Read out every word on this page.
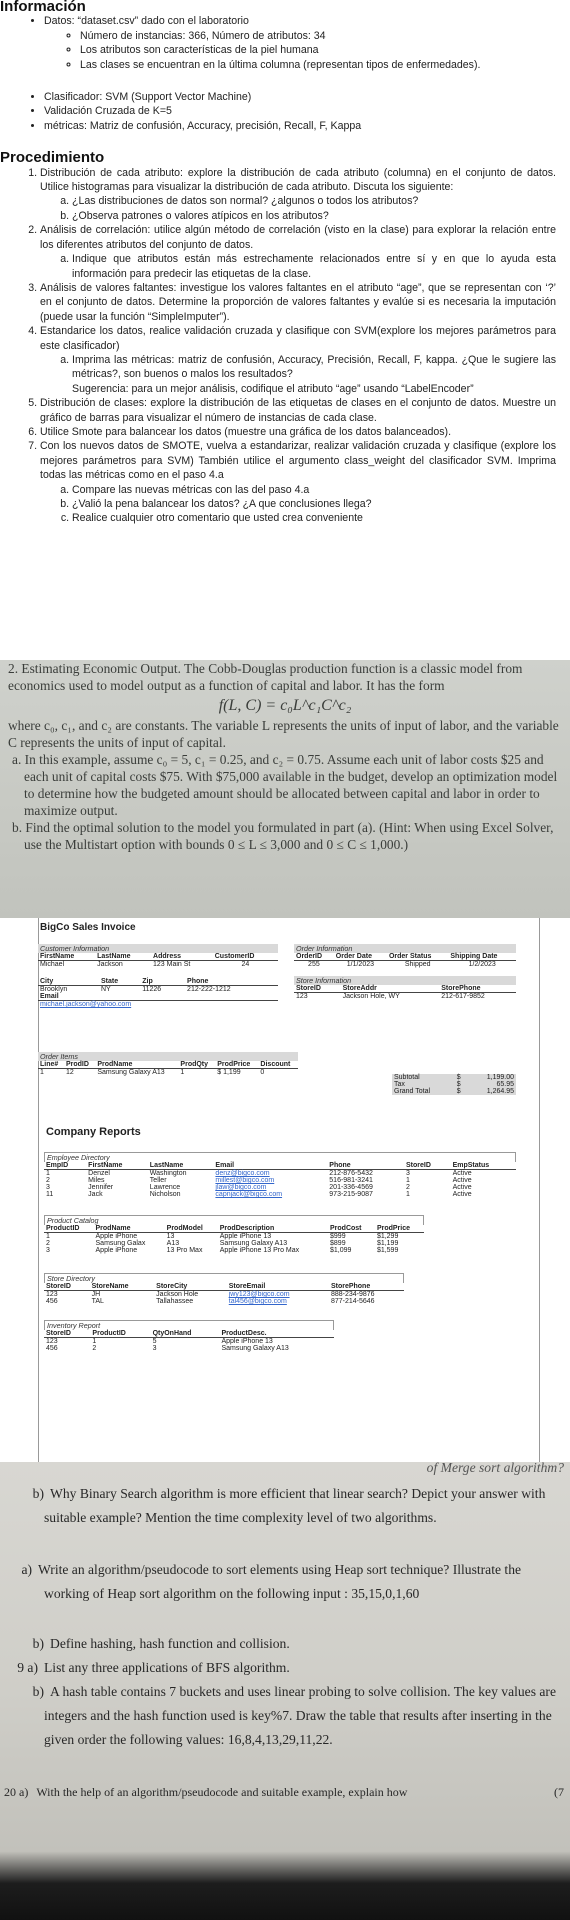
Información
• Datos: “dataset.csv” dado con el laboratorio
◦ Número de instancias: 366, Número de atributos: 34
◦ Los atributos son características de la piel humana
◦ Las clases se encuentran en la última columna (representan tipos de enfermedades).
• Clasificador: SVM (Support Vector Machine)
• Validación Cruzada de K=5
• métricas: Matriz de confusión, Accuracy, precisión, Recall, F, Kappa
Procedimiento
1. Distribución de cada atributo: explore la distribución de cada atributo (columna) en el conjunto de datos. Utilice histogramas para visualizar la distribución de cada atributo. Discuta los siguiente:
a. ¿Las distribuciones de datos son normal? ¿algunos o todos los atributos?
b. ¿Observa patrones o valores atípicos en los atributos?
2. Análisis de correlación: utilice algún método de correlación (visto en la clase) para explorar la relación entre los diferentes atributos del conjunto de datos.
a. Indique que atributos están más estrechamente relacionados entre sí y en que lo ayuda esta información para predecir las etiquetas de la clase.
3. Análisis de valores faltantes: investigue los valores faltantes en el atributo “age”, que se representan con ‘?’ en el conjunto de datos. Determine la proporción de valores faltantes y evalúe si es necesaria la imputación (puede usar la función “SimpleImputer”).
4. Estandarice los datos, realice validación cruzada y clasifique con SVM(explore los mejores parámetros para este clasificador)
a. Imprima las métricas: matriz de confusión, Accuracy, Precisión, Recall, F, kappa. ¿Que le sugiere las métricas?, son buenos o malos los resultados?
Sugerencia: para un mejor análisis, codifique el atributo “age” usando “LabelEncoder”
5. Distribución de clases: explore la distribución de las etiquetas de clases en el conjunto de datos. Muestre un gráfico de barras para visualizar el número de instancias de cada clase.
6. Utilice Smote para balancear los datos (muestre una gráfica de los datos balanceados).
7. Con los nuevos datos de SMOTE, vuelva a estandarizar, realizar validación cruzada y clasifique (explore los mejores parámetros para SVM) También utilice el argumento class_weight del clasificador SVM. Imprima todas las métricas como en el paso 4.a
a. Compare las nuevas métricas con las del paso 4.a
b. ¿Valió la pena balancear los datos? ¿A que conclusiones llega?
c. Realice cualquier otro comentario que usted crea conveniente

2. Estimating Economic Output. The Cobb-Douglas production function is a classic model from economics used to model output as a function of capital and labor. It has the form

f(L, C) = c₀L^c₁C^c₂

where c₀, c₁, and c₂ are constants. The variable L represents the units of input of labor, and the variable C represents the units of input of capital.

a. In this example, assume c₀ = 5, c₁ = 0.25, and c₂ = 0.75. Assume each unit of labor costs $25 and each unit of capital costs $75. With $75,000 available in the budget, develop an optimization model to determine how the budgeted amount should be allocated between capital and labor in order to maximize output.

b. Find the optimal solution to the model you formulated in part (a). (Hint: When using Excel Solver, use the Multistart option with bounds 0 ≤ L ≤ 3,000 and 0 ≤ C ≤ 1,000.)

BigCo Sales Invoice
Customer Information
FirstName	LastName	Address	CustomerID
Michael	Jackson	123 Main St	24
City	State	Zip	Phone
Brooklyn	NY	11226	212-222-1212
Email			
michael.jackson@yahoo.com			
Order Information
OrderID	Order Date	Order Status	Shipping Date
255	1/1/2023	Shipped	1/2/2023
Store Information
StoreID	StoreAddr	StorePhone
123	Jackson Hole, WY	212-617-9852
Order Items
Line#	ProdID	ProdName	ProdQty	ProdPrice	Discount
1	12	Samsung Galaxy A13	1	$ 1,199	0
Subtotal	$	1,199.00
Tax	$	65.95
Grand Total	$	1,264.95
Company Reports
Employee Directory
EmpID	FirstName	LastName	Email	Phone	StoreID	EmpStatus
1	Denzel	Washington	denz@bigco.com	212-876-5432	3	Active
2	Miles	Teller	millest@bigco.com	516-981-3241	1	Active
3	Jennifer	Lawrence	jlaw@bigco.com	201-336-4569	2	Active
11	Jack	Nicholson	capnjack@bigco.com	973-215-9087	1	Active
Product Catalog
ProductID	ProdName	ProdModel	ProdDescription	ProdCost	ProdPrice
1	Apple iPhone	13	Apple iPhone 13	$999	$1,299
2	Samsung Galax	A13	Samsung Galaxy A13	$899	$1,199
3	Apple iPhone	13 Pro Max	Apple iPhone 13 Pro Max	$1,099	$1,599
Store Directory
StoreID	StoreName	StoreCity	StoreEmail	StorePhone
123	JH	Jackson Hole	jwy123@bigco.com	888-234-9876
456	TAL	Tallahassee	tal456@bigco.com	877-214-5646
Inventory Report
StoreID	ProductID	QtyOnHand	ProductDesc.
123	1	5	Apple iPhone 13
456	2	3	Samsung Galaxy A13
of Merge sort algorithm?
b) Why Binary Search algorithm is more efficient that linear search? Depict your answer with suitable example? Mention the time complexity level of two algorithms.
a) Write an algorithm/pseudocode to sort elements using Heap sort technique? Illustrate the working of Heap sort algorithm on the following input : 35,15,0,1,60
b) Define hashing, hash function and collision.
9 a) List any three applications of BFS algorithm.
b) A hash table contains 7 buckets and uses linear probing to solve collision. The key values are integers and the hash function used is key%7. Draw the table that results after inserting in the given order the following values: 16,8,4,13,29,11,22.
20 a) With the help of an algorithm/pseudocode and suitable example, explain how	(7
